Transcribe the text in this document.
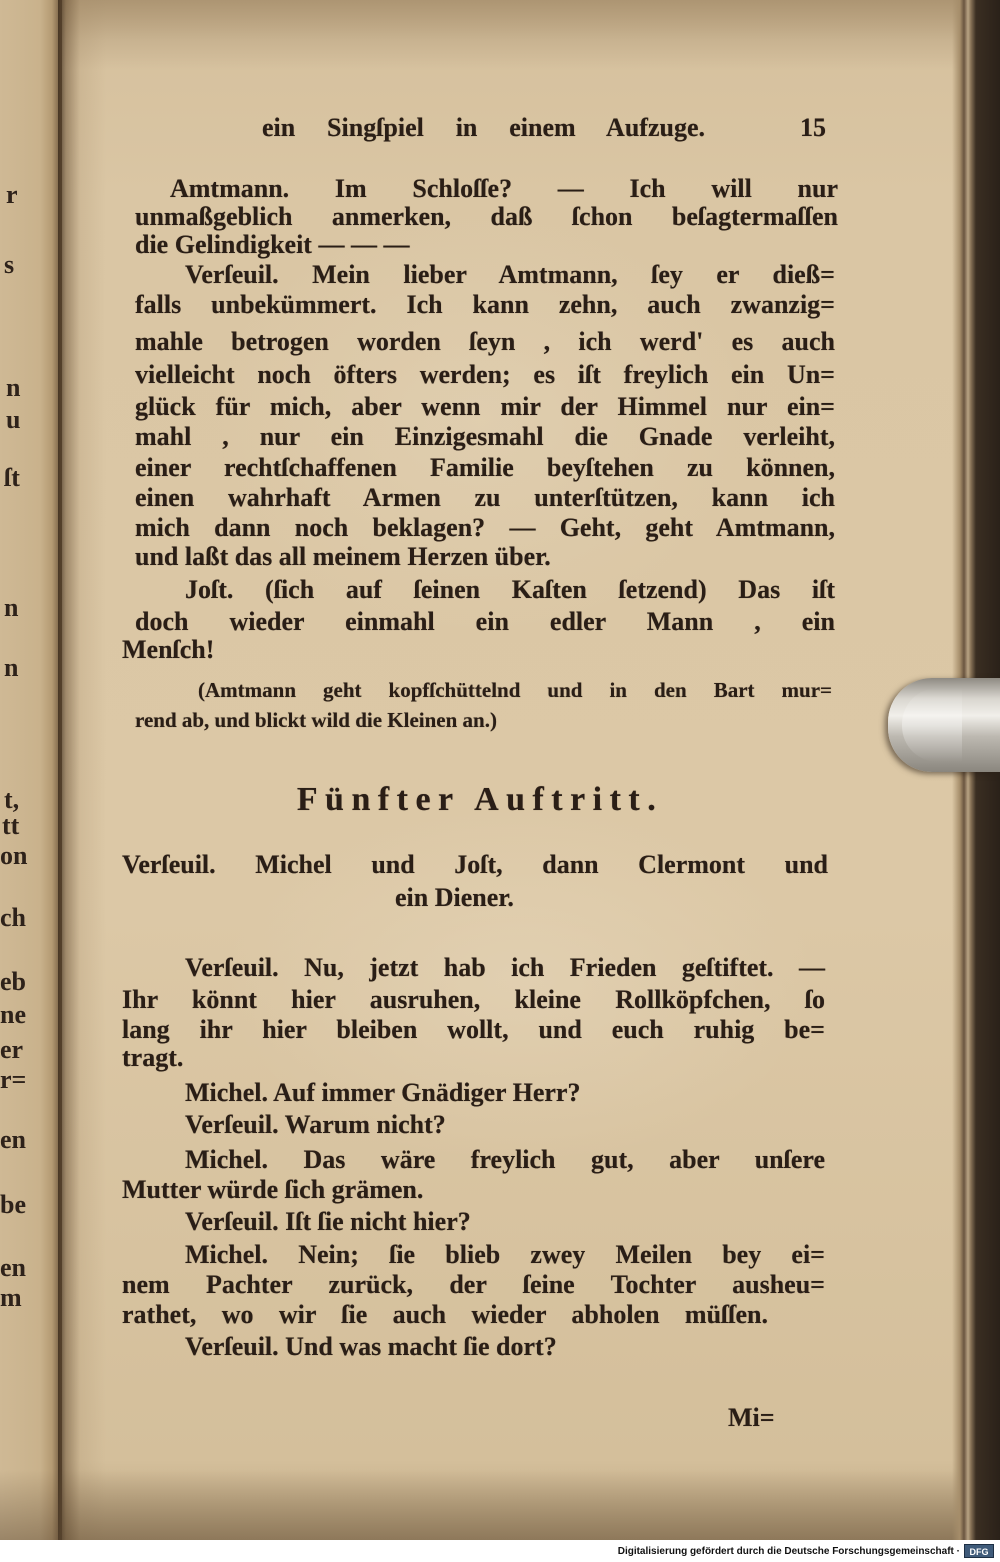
r
s
n
u
ſt
n
n
t,
tt
on
ch
eb
ne
er
r=
en
be
en
m
ein Singſpiel in einem Aufzuge.	15
Amtmann. Im Schloſſe? — Ich will nur
unmaßgeblich anmerken, daß ſchon beſagtermaſſen
die Gelindigkeit — — —
Verſeuil. Mein lieber Amtmann, ſey er dieß=
falls unbekümmert. Ich kann zehn, auch zwanzig=
mahle betrogen worden ſeyn , ich werd' es auch
vielleicht noch öfters werden; es iſt freylich ein Un=
glück für mich, aber wenn mir der Himmel nur ein=
mahl , nur ein Einzigesmahl die Gnade verleiht,
einer rechtſchaffenen Familie beyſtehen zu können,
einen wahrhaft Armen zu unterſtützen, kann ich
mich dann noch beklagen? — Geht, geht Amtmann,
und laßt das all meinem Herzen über.
Joſt. (ſich auf ſeinen Kaſten ſetzend) Das iſt
doch wieder einmahl ein edler Mann , ein
Menſch!
(Amtmann geht kopfſchüttelnd und in den Bart mur=
rend ab, und blickt wild die Kleinen an.)
Fünfter Auftritt.
Verſeuil. Michel und Joſt, dann Clermont und
ein Diener.
Verſeuil. Nu, jetzt hab ich Frieden geſtiftet. —
Ihr könnt hier ausruhen, kleine Rollköpfchen, ſo
lang ihr hier bleiben wollt, und euch ruhig be=
tragt.
Michel. Auf immer Gnädiger Herr?
Verſeuil. Warum nicht?
Michel. Das wäre freylich gut, aber unſere
Mutter würde ſich grämen.
Verſeuil. Iſt ſie nicht hier?
Michel. Nein; ſie blieb zwey Meilen bey ei=
nem Pachter zurück, der ſeine Tochter ausheu=
rathet, wo wir ſie auch wieder abholen müſſen.
Verſeuil. Und was macht ſie dort?
Mi=
Digitalisierung gefördert durch die Deutsche Forschungsgemeinschaft ·	DFG
